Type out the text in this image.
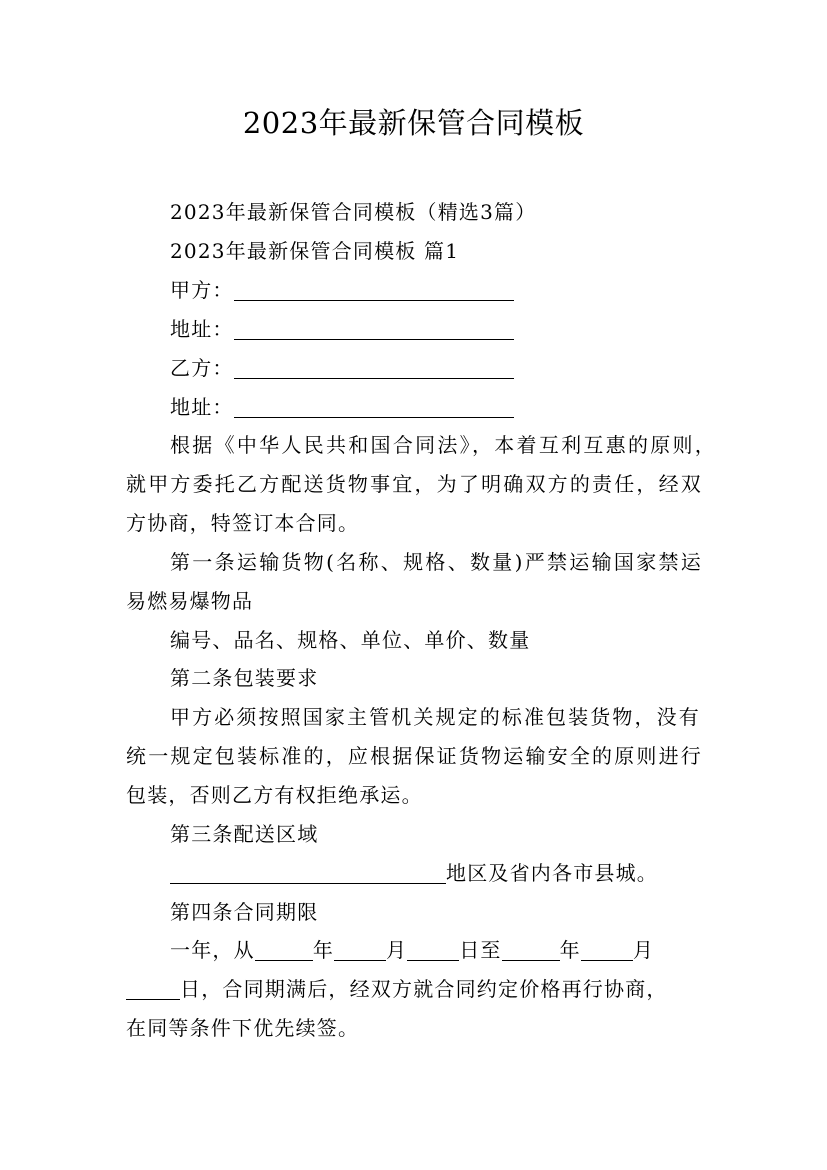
2023年最新保管合同模板
2023年最新保管合同模板（精选3篇）
2023年最新保管合同模板 篇1
甲方：
地址：
乙方：
地址：
根据《中华人民共和国合同法》，本着互利互惠的原则，
就甲方委托乙方配送货物事宜，为了明确双方的责任，经双
方协商，特签订本合同。
第一条运输货物(名称、规格、数量)严禁运输国家禁运
易燃易爆物品
编号、品名、规格、单位、单价、数量
第二条包装要求
甲方必须按照国家主管机关规定的标准包装货物，没有
统一规定包装标准的，应根据保证货物运输安全的原则进行
包装，否则乙方有权拒绝承运。
第三条配送区域
地区及省内各市县城。
第四条合同期限
一年，从	年	月	日至	年	月
日，合同期满后，经双方就合同约定价格再行协商，
在同等条件下优先续签。
